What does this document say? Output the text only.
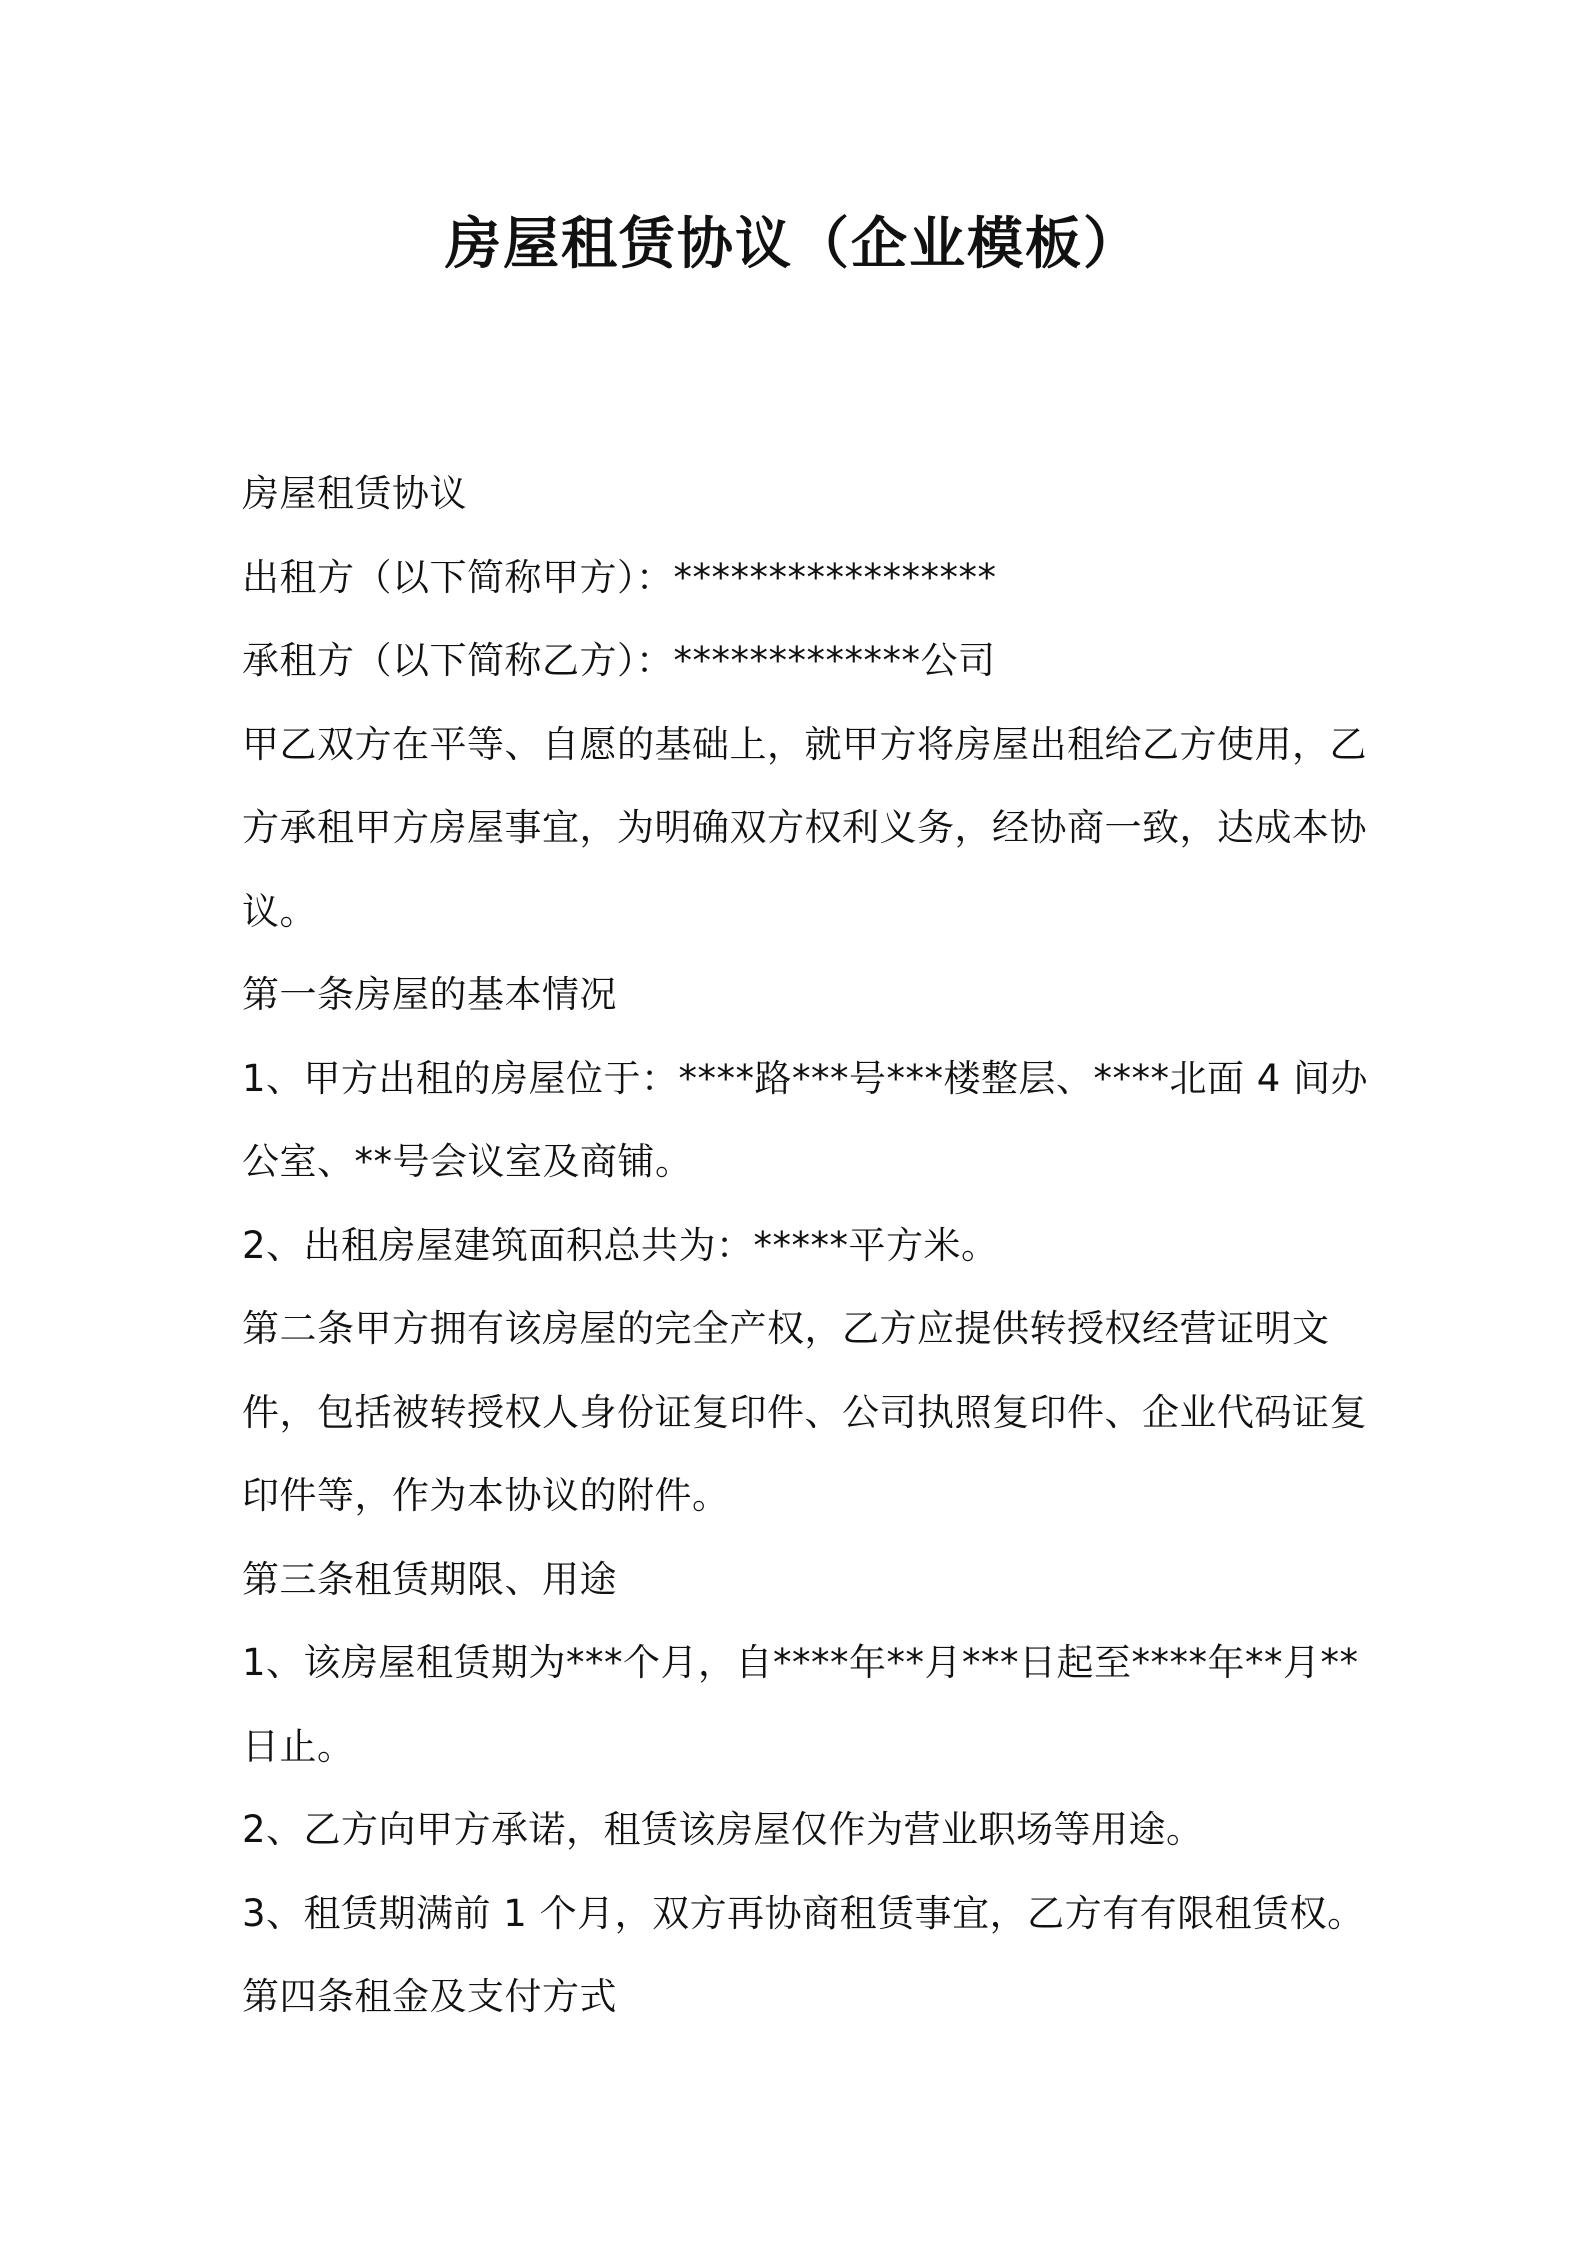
房屋租赁协议（企业模板）

房屋租赁协议

出租方（以下简称甲方）：*****************

承租方（以下简称乙方）：*************公司

甲乙双方在平等、自愿的基础上，就甲方将房屋出租给乙方使用，乙方承租甲方房屋事宜，为明确双方权利义务，经协商一致，达成本协议。

第一条房屋的基本情况

1、甲方出租的房屋位于：****路***号***楼整层、****北面 4 间办公室、**号会议室及商铺。

2、出租房屋建筑面积总共为：*****平方米。

第二条甲方拥有该房屋的完全产权，乙方应提供转授权经营证明文件，包括被转授权人身份证复印件、公司执照复印件、企业代码证复印件等，作为本协议的附件。

第三条租赁期限、用途

1、该房屋租赁期为***个月，自****年**月***日起至****年**月**日止。

2、乙方向甲方承诺，租赁该房屋仅作为营业职场等用途。

3、租赁期满前 1 个月，双方再协商租赁事宜，乙方有有限租赁权。

第四条租金及支付方式
